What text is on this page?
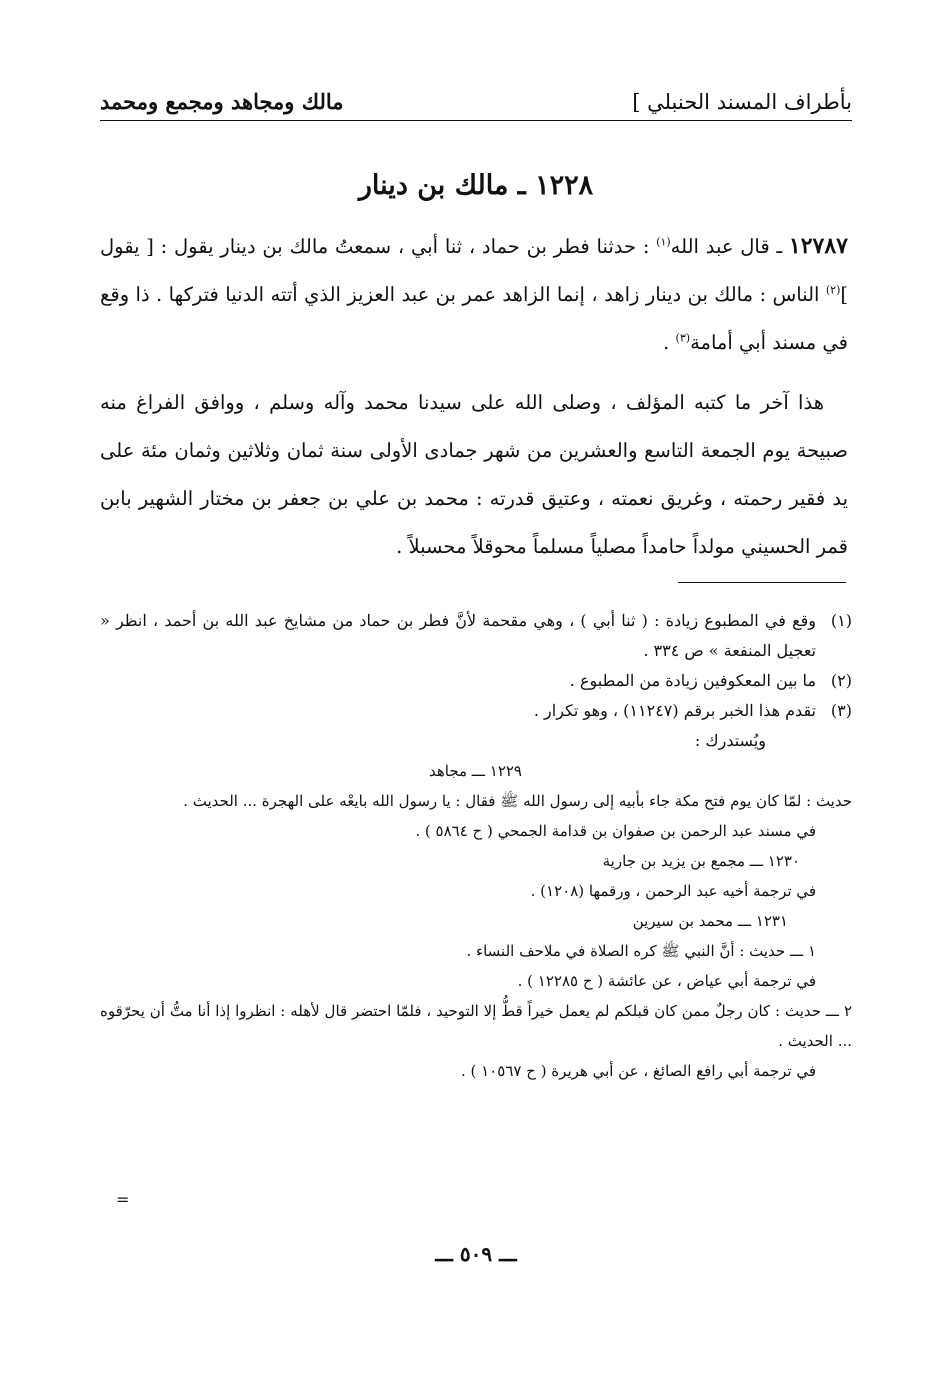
بأطراف المسند الحنبلي ]
مالك ومجاهد ومجمع ومحمد
١٢٢٨ ـ مالك بن دينار

١٢٧٨٧ ـ قال عبد الله$^{(١)}$ : حدثنا فطر بن حماد ، ثنا أبي ، سمعتُ مالك بن دينار يقول : [ يقول ]$^{(٢)}$ الناس : مالك بن دينار زاهد ، إنما الزاهد عمر بن عبد العزيز الذي أتته الدنيا فتركها . ذا وقع في مسند أبي أمامة$^{(٣)}$ .

هذا آخر ما كتبه المؤلف ، وصلى الله على سيدنا محمد وآله وسلم ، ووافق الفراغ منه صبيحة يوم الجمعة التاسع والعشرين من شهر جمادى الأولى سنة ثمان وثلاثين وثمان مئة على يد فقير رحمته ، وغريق نعمته ، وعتيق قدرته : محمد بن علي بن جعفر بن مختار الشهير بابن قمر الحسيني مولداً حامداً مصلياً مسلماً محوقلاً محسبلاً .

(١)
وقع في المطبوع زيادة : ( ثنا أبي ) ، وهي مقحمة لأنَّ فطر بن حماد من مشايخ عبد الله بن أحمد ، انظر « تعجيل المنفعة » ص ٣٣٤ .
(٢)
ما بين المعكوفين زيادة من المطبوع .
(٣)
تقدم هذا الخبر برقم (١١٢٤٧) ، وهو تكرار .
ويُستدرك :
١٢٢٩ ـــ مجاهد
حديث : لمّا كان يوم فتح مكة جاء بأبيه إلى رسول الله ﷺ فقال : يا رسول الله بايعْه على الهجرة ... الحديث .
في مسند عبد الرحمن بن صفوان بن قدامة الجمحي ( ح ٥٨٦٤ ) .
١٢٣٠ ـــ مجمع بن يزيد بن جارية
في ترجمة أخيه عبد الرحمن ، ورقمها (١٢٠٨) .
١٢٣١ ـــ محمد بن سيرين
١ ـــ حديث : أنَّ النبي ﷺ كره الصلاة في ملاحف النساء .
في ترجمة أبي عياض ، عن عائشة ( ح ١٢٢٨٥ ) .
٢ ـــ حديث : كان رجلٌ ممن كان قبلكم لم يعمل خيراً قطُّ إلا التوحيد ، فلمّا احتضر قال لأهله : انظروا إذا أنا متُّ أن يحرّقوه ... الحديث .
في ترجمة أبي رافع الصائغ ، عن أبي هريرة ( ح ١٠٥٦٧ ) .
=
ـــ ٥٠٩ ـــ
